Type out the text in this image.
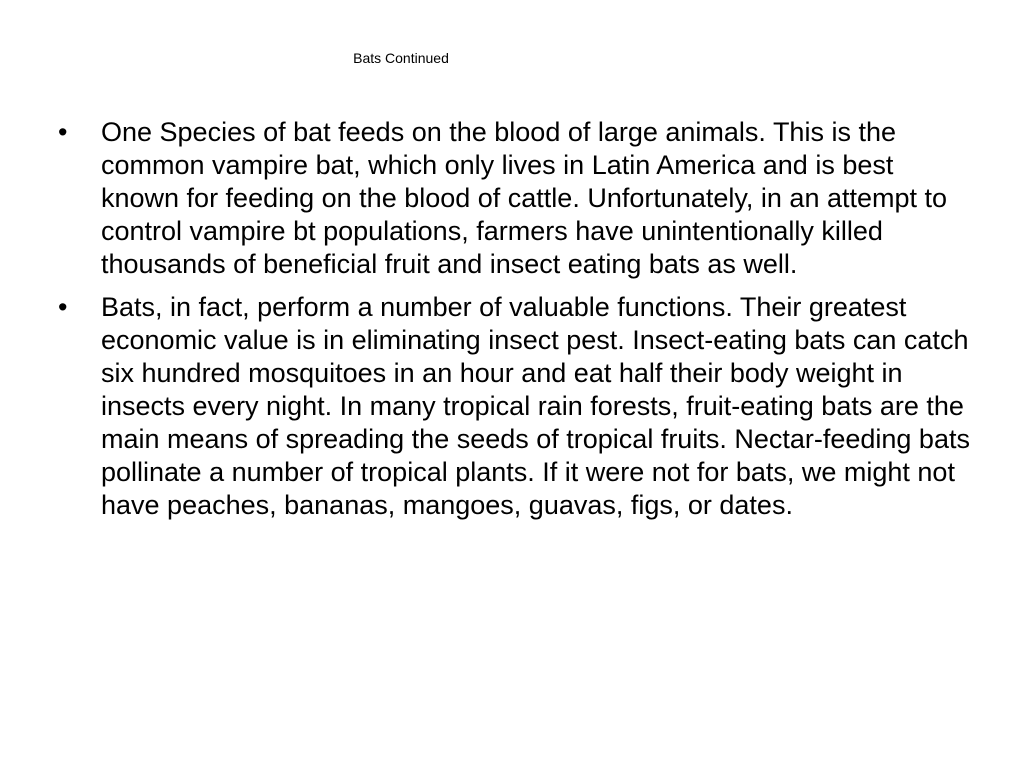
Bats Continued
• One Species of bat feeds on the blood of large animals. This is the common vampire bat, which only lives in Latin America and is best known for feeding on the blood of cattle. Unfortunately, in an attempt to control vampire bt populations, farmers have unintentionally killed thousands of beneficial fruit and insect eating bats as well.
• Bats, in fact, perform a number of valuable functions. Their greatest economic value is in eliminating insect pest. Insect-eating bats can catch six hundred mosquitoes in an hour and eat half their body weight in insects every night. In many tropical rain forests, fruit-eating bats are the main means of spreading the seeds of tropical fruits. Nectar-feeding bats pollinate a number of tropical plants. If it were not for bats, we might not have peaches, bananas, mangoes, guavas, figs, or dates.
